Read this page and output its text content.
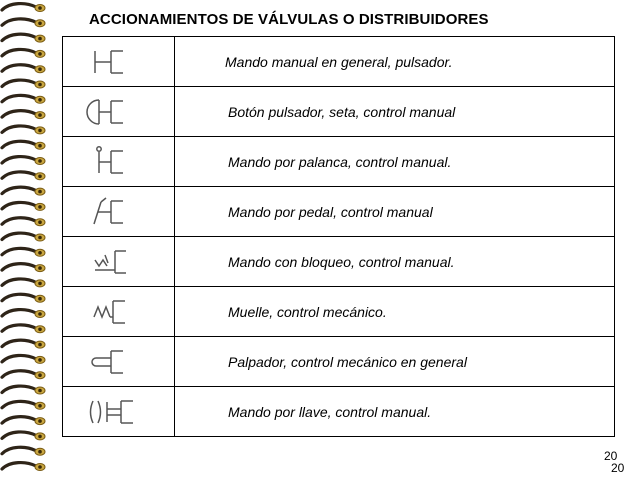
ACCIONAMIENTOS DE VÁLVULAS O DISTRIBUIDORES
Mando manual en general, pulsador.
Botón pulsador, seta, control manual
Mando por palanca, control manual.
Mando por pedal, control manual
Mando con bloqueo, control manual.
Muelle, control mecánico.
Palpador, control mecánico en general
Mando por llave, control manual.
20
20
